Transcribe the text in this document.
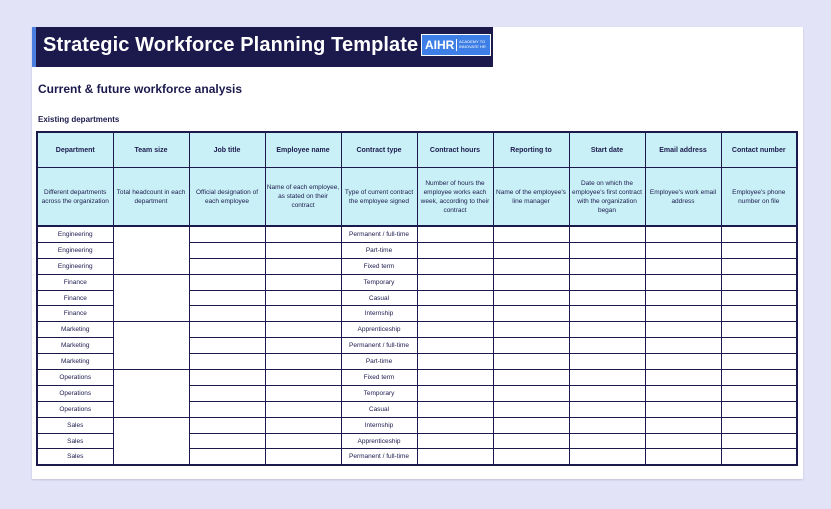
Strategic Workforce Planning Template AIHR ACADEMY TO INNOVATE HR
Current & future workforce analysis
Existing departments
Department	Team size	Job title	Employee name	Contract type	Contract hours	Reporting to	Start date	Email address	Contact number
Different departments across the organization	Total headcount in each department	Official designation of each employee	Name of each employee, as stated on their contract	Type of current contract the employee signed	Number of hours the employee works each week, according to their contract	Name of the employee's line manager	Date on which the employee's first contract with the organization began	Employee's work email address	Employee's phone number on file
Engineering				Permanent / full-time					
Engineering				Part-time					
Engineering				Fixed term					
Finance				Temporary					
Finance				Casual					
Finance				Internship					
Marketing				Apprenticeship					
Marketing				Permanent / full-time					
Marketing				Part-time					
Operations				Fixed term					
Operations				Temporary					
Operations				Casual					
Sales				Internship					
Sales				Apprenticeship					
Sales				Permanent / full-time					
